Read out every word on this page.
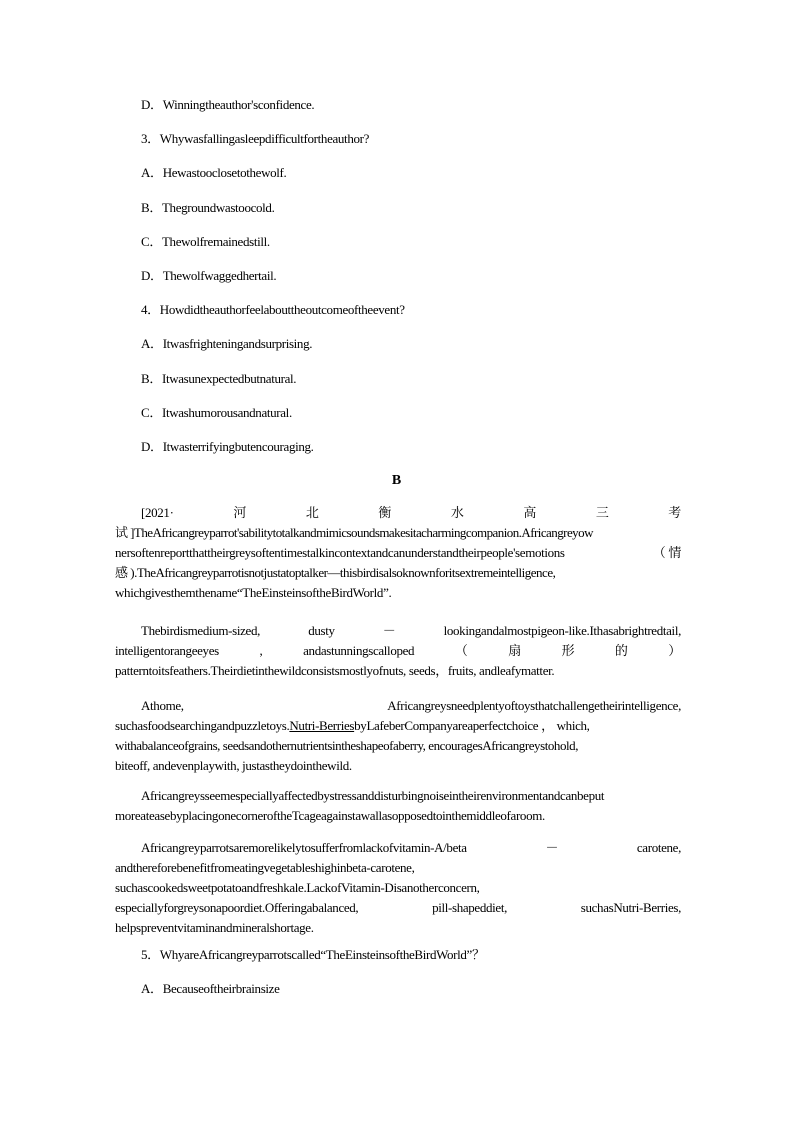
D．Winningtheauthor'sconfidence.
3．Whywasfallingasleepdifficultfortheauthor?
A．Hewastooclosetothewolf.
B．Thegroundwastoocold.
C．Thewolfremainedstill.
D．Thewolfwaggedhertail.
4．Howdidtheauthorfeelabouttheoutcomeoftheevent?
A．Itwasfrighteningandsurprising.
B．Itwasunexpectedbutnatural.
C．Itwashumorousandnatural.
D．Itwasterrifyingbutencouraging.
B
[2021·	河	北	衡	水	高	三	考
试 ]TheAfricangreyparrot'sabilitytotalkandmimicsoundsmakesitacharmingcompanion.Africangreyow
nersoftenreportthattheirgreysoftentimestalkincontextandcanunderstandtheirpeople'semotions	（ 情
感 ).TheAfricangreyparrotisnotjustatoptalker—thisbirdisalsoknownforitsextremeintelligence,
whichgivesthemthename“TheEinsteinsoftheBirdWorld”.
Thebirdismedium-sized,	dusty	－	lookingandalmostpigeon-like.Ithasabrightredtail,
intelligentorangeeyes	,	andastunningscalloped	（	扇	形	的	）
patterntoitsfeathers.Theirdietinthewildconsistsmostlyofnuts, seeds，fruits, andleafymatter.
Athome,	Africangreysneedplentyoftoysthatchallengetheirintelligence,
suchasfoodsearchingandpuzzletoys.Nutri-BerriesbyLafeberCompanyareaperfectchoice ， which,
withabalanceofgrains, seedsandothernutrientsintheshapeofaberry, encouragesAfricangreystohold,
biteoff, andevenplaywith, justastheydointhewild.
Africangreysseemespeciallyaffectedbystressanddisturbingnoiseintheirenvironmentandcanbeput
moreateasebyplacingonecorneroftheTcageagainstawallasopposedtointhemiddleofaroom.
Africangreyparrotsaremorelikelytosufferfromlackofvitamin-A/beta	－	carotene,
andthereforebenefitfromeatingvegetableshighinbeta-carotene,
suchascookedsweetpotatoandfreshkale.LackofVitamin-Disanotherconcern,
especiallyforgreysonapoordiet.Offeringabalanced,	pill-shapeddiet,	suchasNutri-Berries,
helpspreventvitaminandmineralshortage.
5．WhyareAfricangreyparrotscalled“TheEinsteinsoftheBirdWorld”？
A．Becauseoftheirbrainsize
